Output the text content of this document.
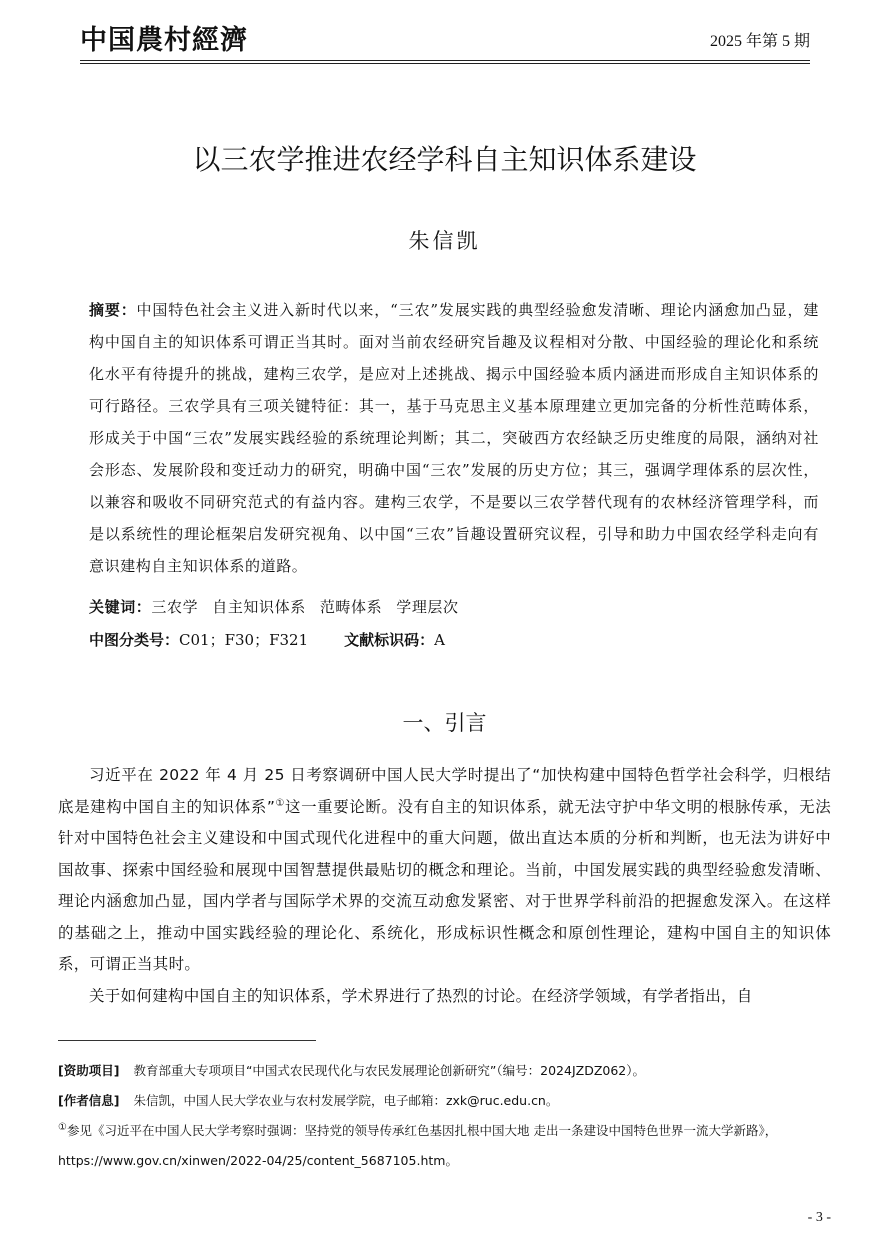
中国農村經濟	2025 年第 5 期
以三农学推进农经学科自主知识体系建设
朱信凯
摘要：中国特色社会主义进入新时代以来，“三农”发展实践的典型经验愈发清晰、理论内涵愈加凸显，建构中国自主的知识体系可谓正当其时。面对当前农经研究旨趣及议程相对分散、中国经验的理论化和系统化水平有待提升的挑战，建构三农学，是应对上述挑战、揭示中国经验本质内涵进而形成自主知识体系的可行路径。三农学具有三项关键特征：其一，基于马克思主义基本原理建立更加完备的分析性范畴体系，形成关于中国“三农”发展实践经验的系统理论判断；其二，突破西方农经缺乏历史维度的局限，涵纳对社会形态、发展阶段和变迁动力的研究，明确中国“三农”发展的历史方位；其三，强调学理体系的层次性，以兼容和吸收不同研究范式的有益内容。建构三农学，不是要以三农学替代现有的农林经济管理学科，而是以系统性的理论框架启发研究视角、以中国“三农”旨趣设置研究议程，引导和助力中国农经学科走向有意识建构自主知识体系的道路。
关键词：三农学 自主知识体系 范畴体系 学理层次
中图分类号：C01；F30；F321 文献标识码：A
一、引言

习近平在 2022 年 4 月 25 日考察调研中国人民大学时提出了“加快构建中国特色哲学社会科学，归根结底是建构中国自主的知识体系”①这一重要论断。没有自主的知识体系，就无法守护中华文明的根脉传承，无法针对中国特色社会主义建设和中国式现代化进程中的重大问题，做出直达本质的分析和判断，也无法为讲好中国故事、探索中国经验和展现中国智慧提供最贴切的概念和理论。当前，中国发展实践的典型经验愈发清晰、理论内涵愈加凸显，国内学者与国际学术界的交流互动愈发紧密、对于世界学科前沿的把握愈发深入。在这样的基础之上，推动中国实践经验的理论化、系统化，形成标识性概念和原创性理论，建构中国自主的知识体系，可谓正当其时。

关于如何建构中国自主的知识体系，学术界进行了热烈的讨论。在经济学领域，有学者指出，自

[资助项目] 教育部重大专项项目“中国式农民现代化与农民发展理论创新研究”（编号：2024JZDZ062）。
[作者信息] 朱信凯，中国人民大学农业与农村发展学院，电子邮箱：zxk@ruc.edu.cn。
①参见《习近平在中国人民大学考察时强调：坚持党的领导传承红色基因扎根中国大地 走出一条建设中国特色世界一流大学新路》，https://www.gov.cn/xinwen/2022-04/25/content_5687105.htm。
- 3 -
